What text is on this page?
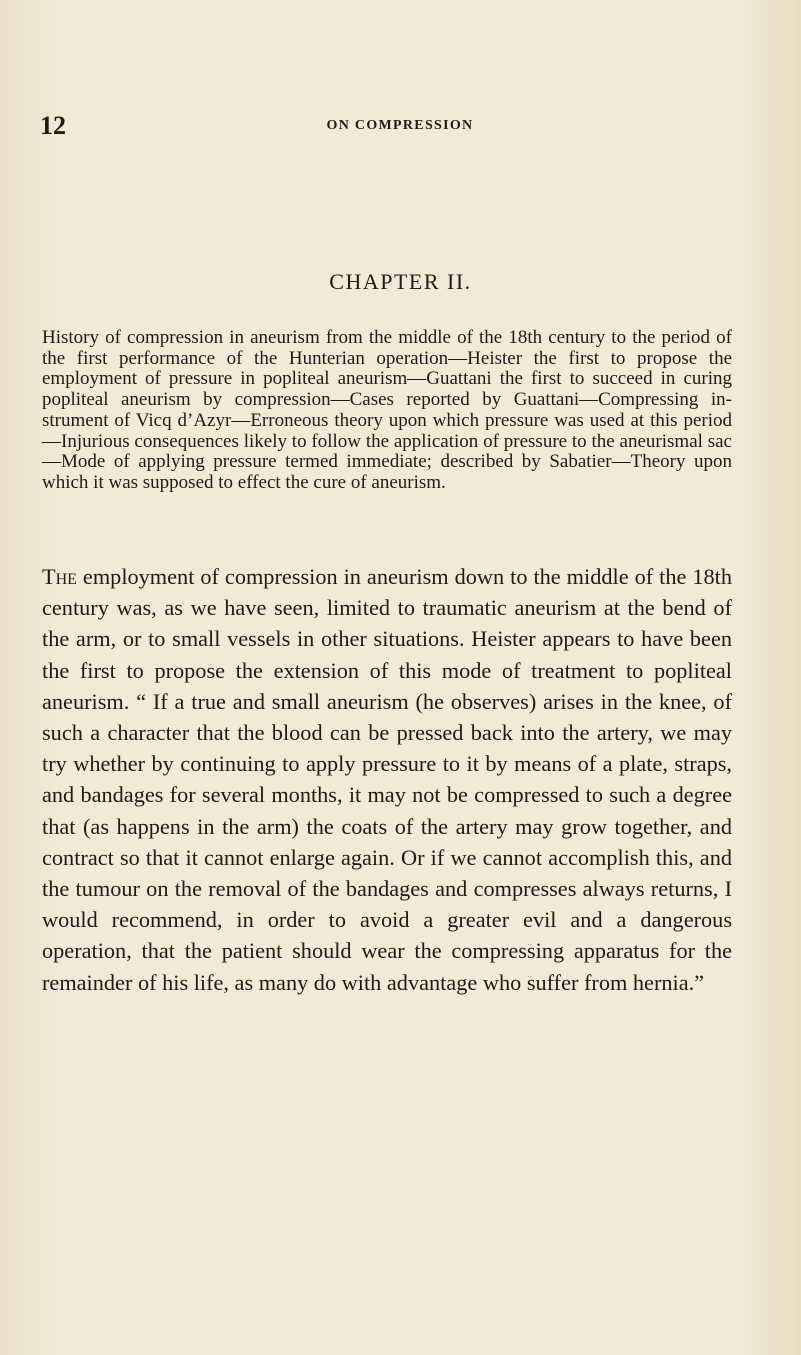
12	ON COMPRESSION

CHAPTER II.

History of compression in aneurism from the middle of the 18th century to the period of the first performance of the Hunterian operation—Heister the first to propose the employment of pressure in popliteal aneurism—Guattani the first to succeed in curing popliteal aneurism by compression—Cases reported by Guattani—Compressing instrument of Vicq d’Azyr—Erroneous theory upon which pressure was used at this period—Injurious consequences likely to follow the application of pressure to the aneurismal sac—Mode of applying pressure termed immediate; described by Sabatier—Theory upon which it was supposed to effect the cure of aneurism.

The employment of compression in aneurism down to the middle of the 18th century was, as we have seen, limited to traumatic aneurism at the bend of the arm, or to small vessels in other situations. Heister appears to have been the first to propose the extension of this mode of treatment to popliteal aneurism. “ If a true and small aneurism (he observes) arises in the knee, of such a character that the blood can be pressed back into the artery, we may try whether by continuing to apply pressure to it by means of a plate, straps, and bandages for several months, it may not be compressed to such a degree that (as happens in the arm) the coats of the artery may grow together, and contract so that it cannot enlarge again. Or if we cannot accomplish this, and the tumour on the removal of the bandages and compresses always returns, I would recommend, in order to avoid a greater evil and a dangerous operation, that the patient should wear the compressing apparatus for the remainder of his life, as many do with advantage who suffer from hernia.”
